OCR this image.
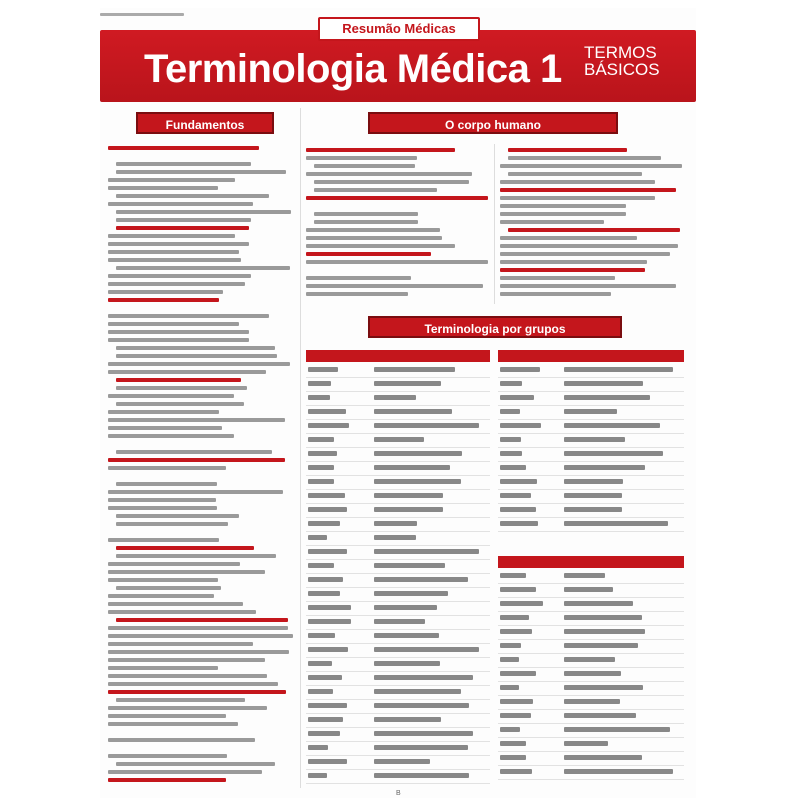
Terminologia Médica 1 TERMOS
BÁSICOS
Resumão Médicas
Fundamentos	O corpo humano
Terminologia por grupos
B
